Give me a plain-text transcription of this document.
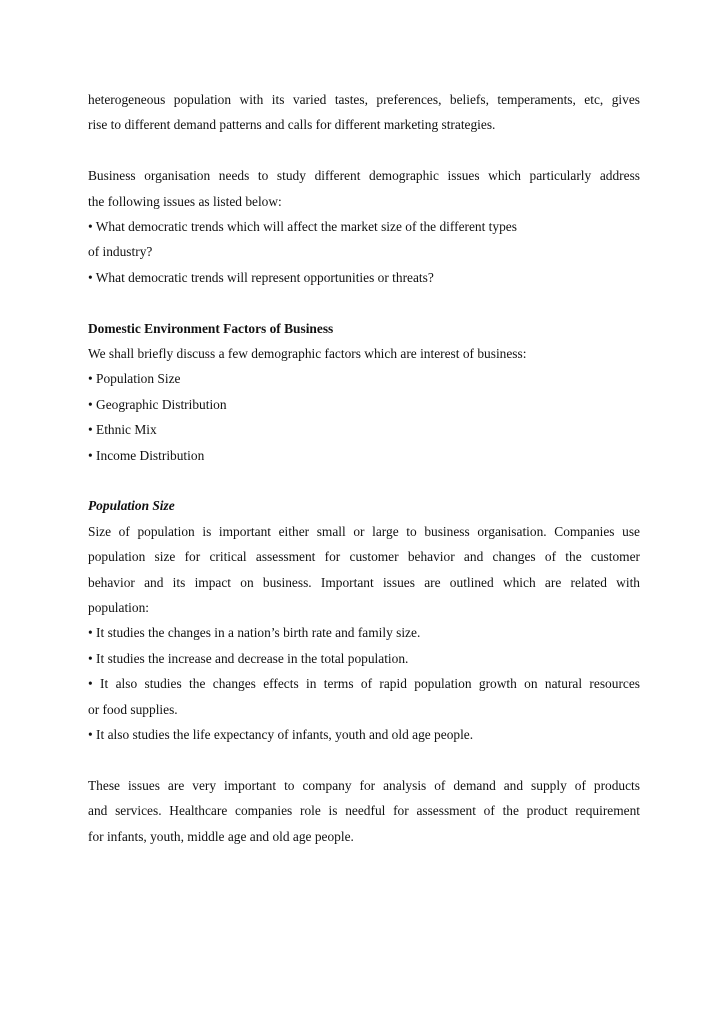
heterogeneous population with its varied tastes, preferences, beliefs, temperaments, etc, gives
rise to different demand patterns and calls for different marketing strategies.
Business organisation needs to study different demographic issues which particularly address
the following issues as listed below:
• What democratic trends which will affect the market size of the different types
of industry?
• What democratic trends will represent opportunities or threats?
Domestic Environment Factors of Business
We shall briefly discuss a few demographic factors which are interest of business:
• Population Size
• Geographic Distribution
• Ethnic Mix
• Income Distribution
Population Size
Size of population is important either small or large to business organisation. Companies use
population size for critical assessment for customer behavior and changes of the customer
behavior and its impact on business. Important issues are outlined which are related with
population:
• It studies the changes in a nation’s birth rate and family size.
• It studies the increase and decrease in the total population.
• It also studies the changes effects in terms of rapid population growth on natural resources
or food supplies.
• It also studies the life expectancy of infants, youth and old age people.
These issues are very important to company for analysis of demand and supply of products
and services. Healthcare companies role is needful for assessment of the product requirement
for infants, youth, middle age and old age people.
